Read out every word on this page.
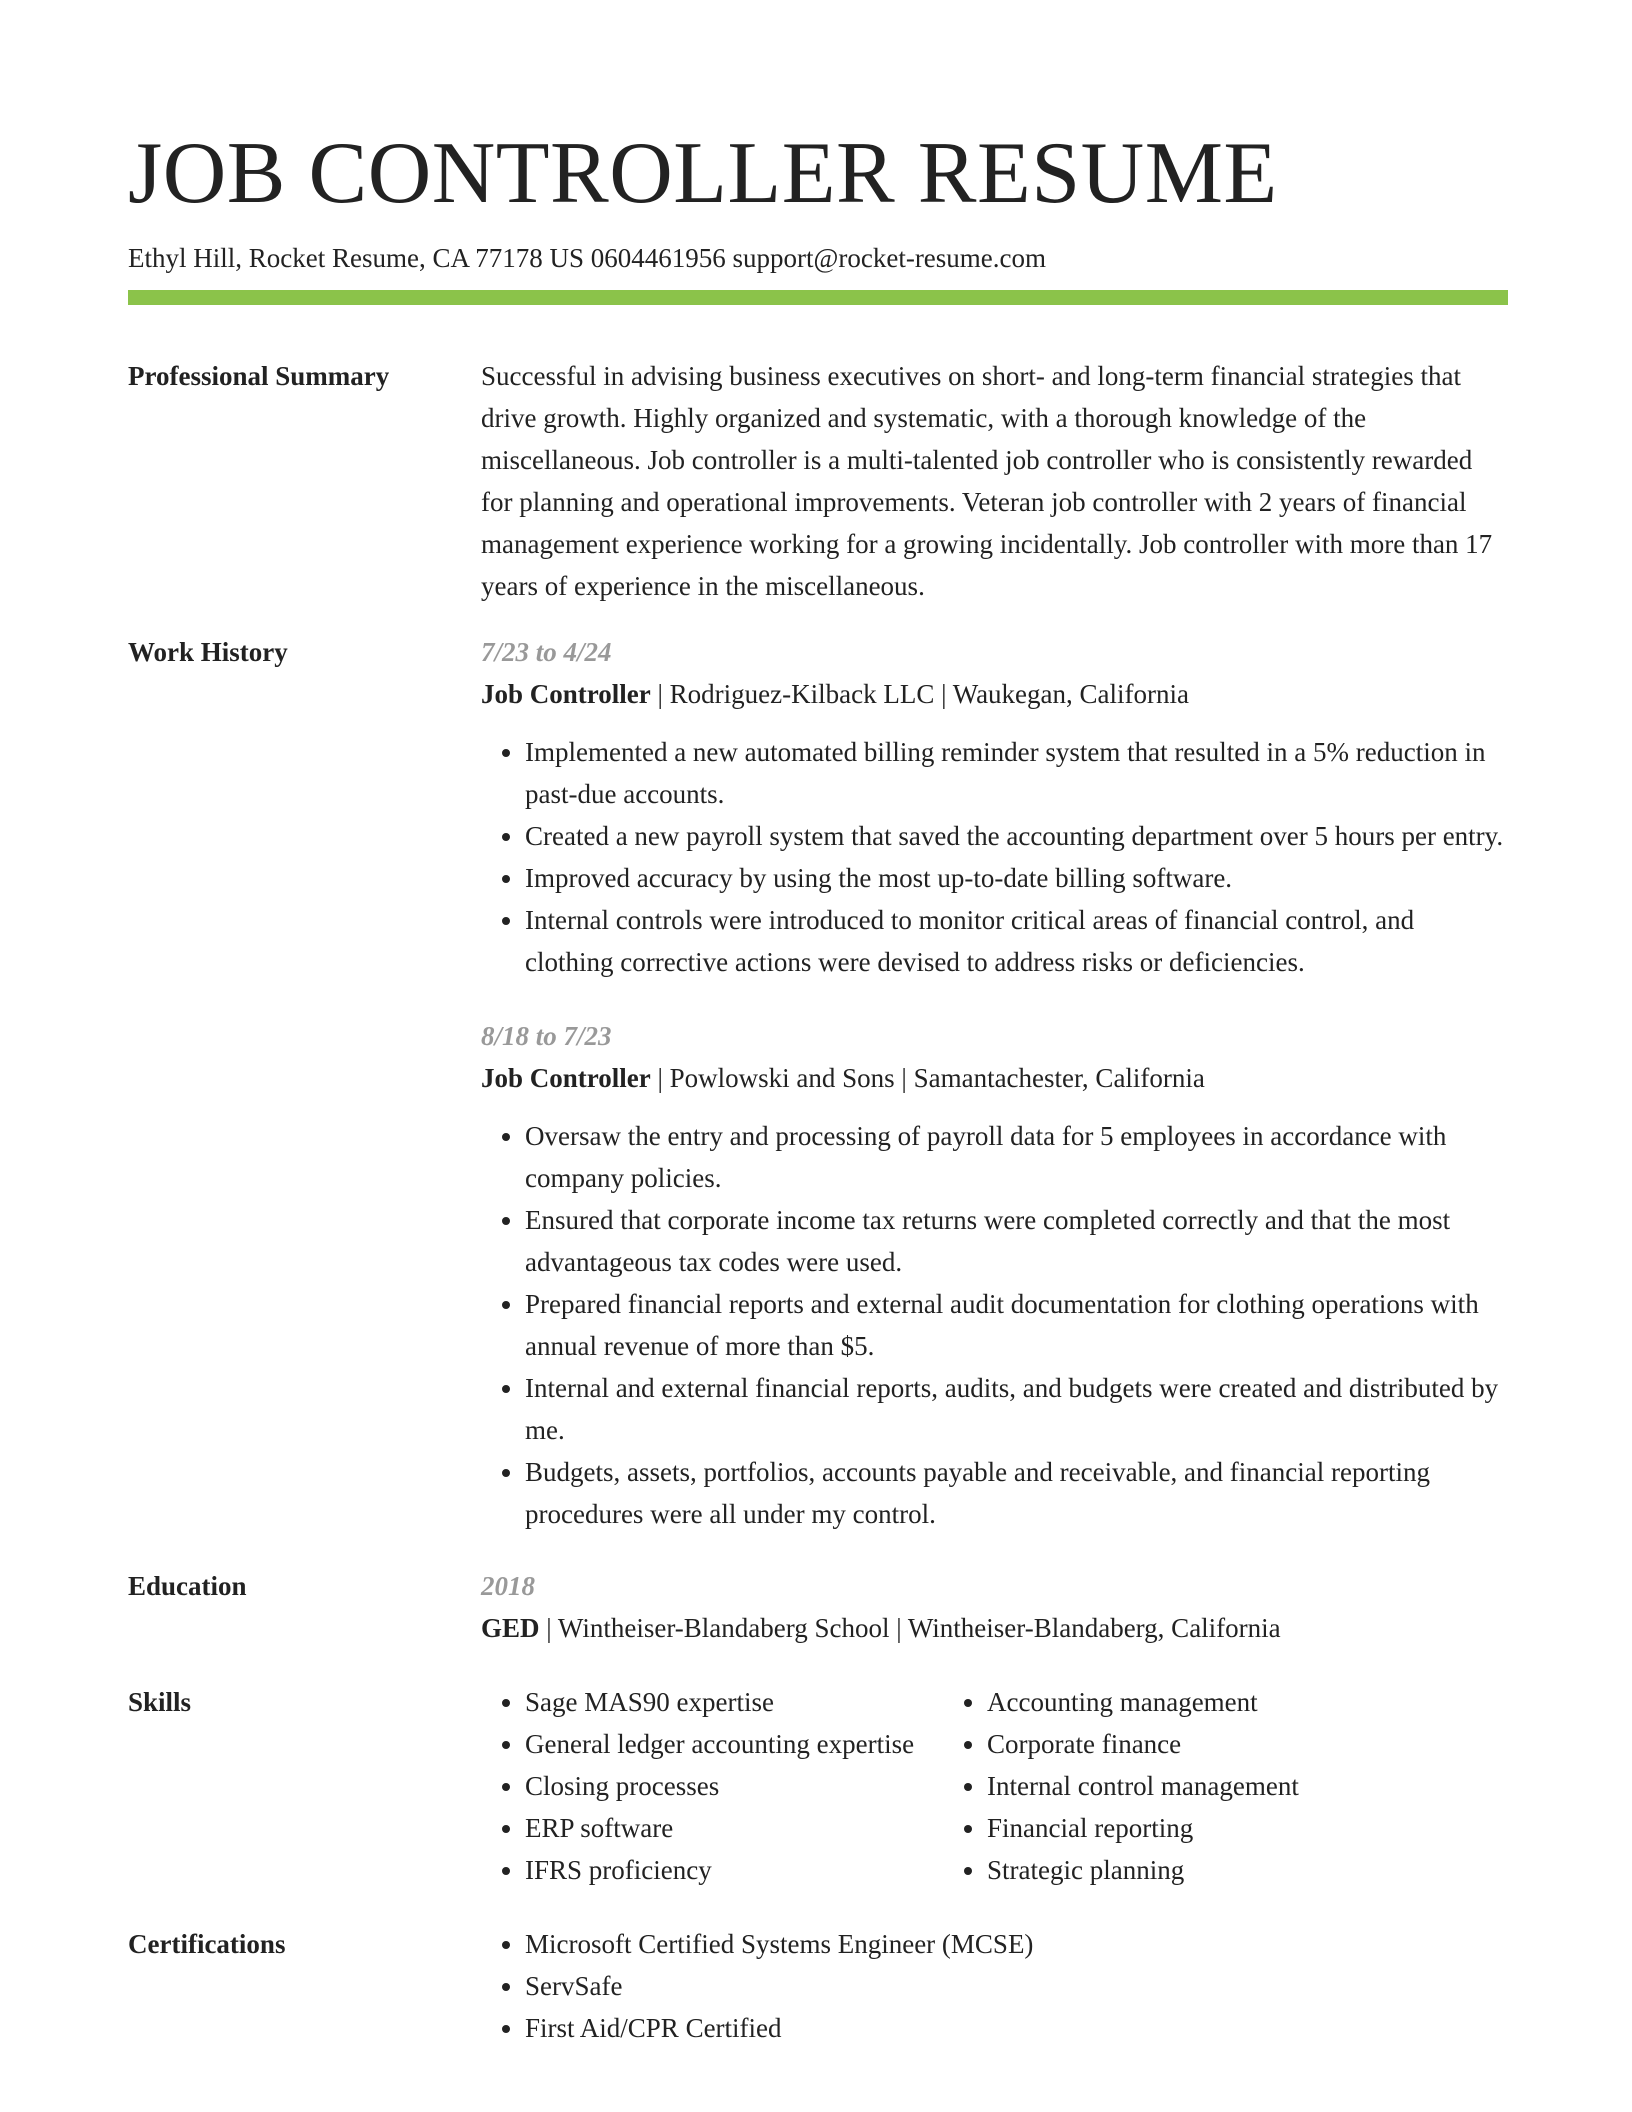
JOB CONTROLLER RESUME
Ethyl Hill, Rocket Resume, CA 77178 US 0604461956 support@rocket-resume.com
Professional Summary	Successful in advising business executives on short- and long-term financial strategies that drive growth. Highly organized and systematic, with a thorough knowledge of the miscellaneous. Job controller is a multi-talented job controller who is consistently rewarded for planning and operational improvements. Veteran job controller with 2 years of financial management experience working for a growing incidentally. Job controller with more than 17 years of experience in the miscellaneous.
Work History	7/23 to 4/24
Job Controller | Rodriguez-Kilback LLC | Waukegan, California
• Implemented a new automated billing reminder system that resulted in a 5% reduction in past-due accounts.
• Created a new payroll system that saved the accounting department over 5 hours per entry.
• Improved accuracy by using the most up-to-date billing software.
• Internal controls were introduced to monitor critical areas of financial control, and clothing corrective actions were devised to address risks or deficiencies.
8/18 to 7/23
Job Controller | Powlowski and Sons | Samantachester, California
• Oversaw the entry and processing of payroll data for 5 employees in accordance with company policies.
• Ensured that corporate income tax returns were completed correctly and that the most advantageous tax codes were used.
• Prepared financial reports and external audit documentation for clothing operations with annual revenue of more than $5.
• Internal and external financial reports, audits, and budgets were created and distributed by me.
• Budgets, assets, portfolios, accounts payable and receivable, and financial reporting procedures were all under my control.
Education	2018
GED | Wintheiser-Blandaberg School | Wintheiser-Blandaberg, California
Skills	• Sage MAS90 expertise
• General ledger accounting expertise
• Closing processes
• ERP software
• IFRS proficiency
• Accounting management
• Corporate finance
• Internal control management
• Financial reporting
• Strategic planning
Certifications	• Microsoft Certified Systems Engineer (MCSE)
• ServSafe
• First Aid/CPR Certified
